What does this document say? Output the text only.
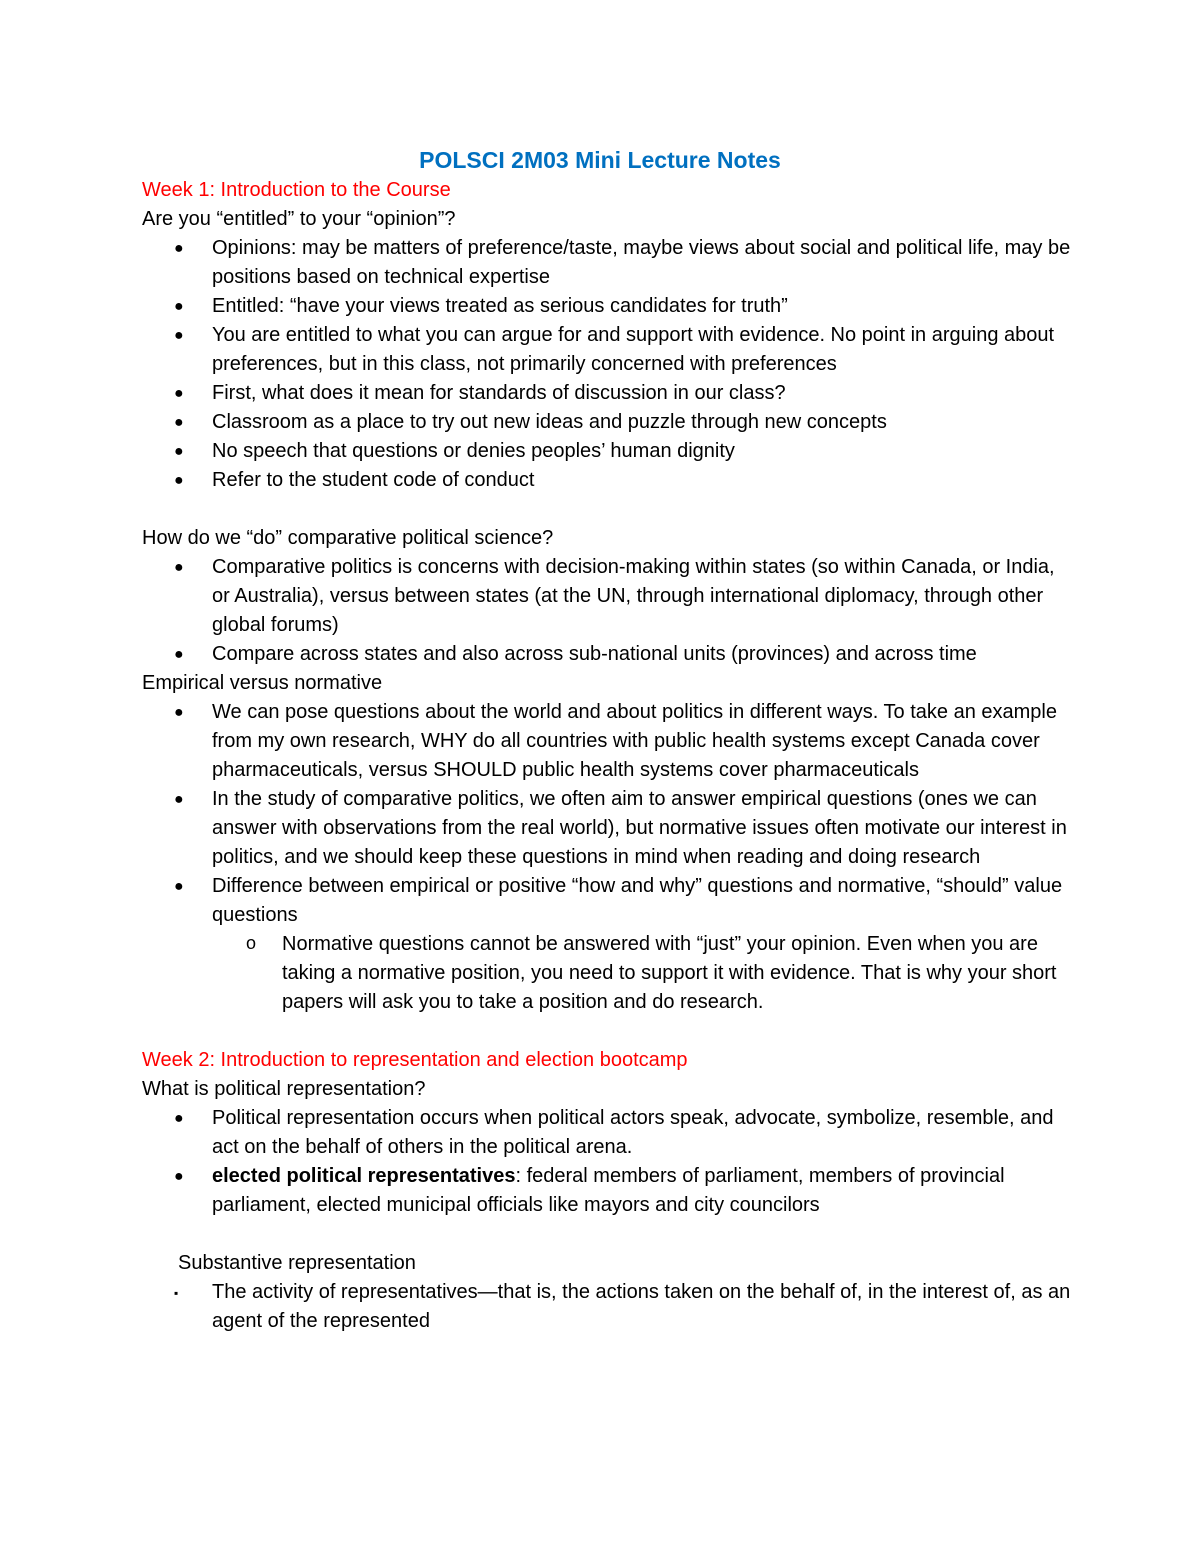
POLSCI 2M03 Mini Lecture Notes
Week 1: Introduction to the Course
Are you “entitled” to your “opinion”?
● Opinions: may be matters of preference/taste, maybe views about social and political life, may be positions based on technical expertise
● Entitled: “have your views treated as serious candidates for truth”
● You are entitled to what you can argue for and support with evidence. No point in arguing about preferences, but in this class, not primarily concerned with preferences
● First, what does it mean for standards of discussion in our class?
● Classroom as a place to try out new ideas and puzzle through new concepts
● No speech that questions or denies peoples’ human dignity
● Refer to the student code of conduct
How do we “do” comparative political science?
● Comparative politics is concerns with decision-making within states (so within Canada, or India, or Australia), versus between states (at the UN, through international diplomacy, through other global forums)
● Compare across states and also across sub-national units (provinces) and across time
Empirical versus normative
● We can pose questions about the world and about politics in different ways. To take an example from my own research, WHY do all countries with public health systems except Canada cover pharmaceuticals, versus SHOULD public health systems cover pharmaceuticals
● In the study of comparative politics, we often aim to answer empirical questions (ones we can answer with observations from the real world), but normative issues often motivate our interest in politics, and we should keep these questions in mind when reading and doing research
● Difference between empirical or positive “how and why” questions and normative, “should” value questions
o Normative questions cannot be answered with “just” your opinion. Even when you are taking a normative position, you need to support it with evidence. That is why your short papers will ask you to take a position and do research.
Week 2: Introduction to representation and election bootcamp
What is political representation?
● Political representation occurs when political actors speak, advocate, symbolize, resemble, and act on the behalf of others in the political arena.
● elected political representatives: federal members of parliament, members of provincial parliament, elected municipal officials like mayors and city councilors
Substantive representation
▪ The activity of representatives—that is, the actions taken on the behalf of, in the interest of, as an agent of the represented
